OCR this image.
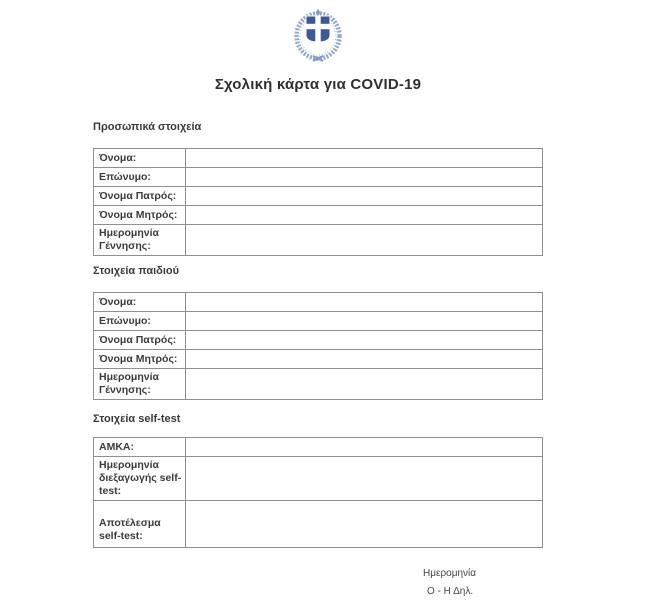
Σχολική κάρτα για COVID-19
Προσωπικά στοιχεία
Όνομα:	
Επώνυμο:	
Όνομα Πατρός:	
Όνομα Μητρός:	
Ημερομηνία Γέννησης:	
Στοιχεία παιδιού
Όνομα:	
Επώνυμο:	
Όνομα Πατρός:	
Όνομα Μητρός:	
Ημερομηνία Γέννησης:	
Στοιχεία self-test
ΑΜΚΑ:	
Ημερομηνία διεξαγωγής self-test:	
Αποτέλεσμα self-test:	
Ημερομηνία
Ο - Η Δηλ.
